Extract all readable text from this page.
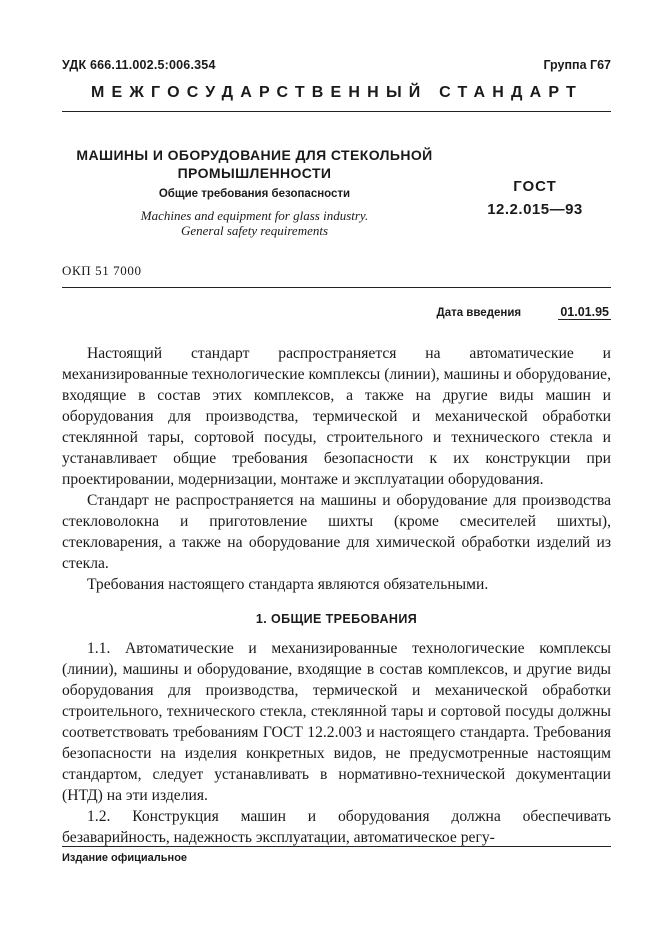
УДК 666.11.002.5:006.354	Группа Г67
МЕЖГОСУДАРСТВЕННЫЙ СТАНДАРТ
МАШИНЫ И ОБОРУДОВАНИЕ ДЛЯ СТЕКОЛЬНОЙ ПРОМЫШЛЕННОСТИ
Общие требования безопасности
Machines and equipment for glass industry.
General safety requirements
ГОСТ
12.2.015—93
ОКП 51 7000
Дата введения	01.01.95

Настоящий стандарт распространяется на автоматические и механизированные технологические комплексы (линии), машины и оборудование, входящие в состав этих комплексов, а также на другие виды машин и оборудования для производства, термической и механической обработки стеклянной тары, сортовой посуды, строительного и технического стекла и устанавливает общие требования безопасности к их конструкции при проектировании, модернизации, монтаже и эксплуатации оборудования.

Стандарт не распространяется на машины и оборудование для производства стекловолокна и приготовление шихты (кроме смесителей шихты), стекловарения, а также на оборудование для химической обработки изделий из стекла.

Требования настоящего стандарта являются обязательными.

1. ОБЩИЕ ТРЕБОВАНИЯ

1.1. Автоматические и механизированные технологические комплексы (линии), машины и оборудование, входящие в состав комплексов, и другие виды оборудования для производства, термической и механической обработки строительного, технического стекла, стеклянной тары и сортовой посуды должны соответствовать требованиям ГОСТ 12.2.003 и настоящего стандарта. Требования безопасности на изделия конкретных видов, не предусмотренные настоящим стандартом, следует устанавливать в нормативно-технической документации (НТД) на эти изделия.

1.2. Конструкция машин и оборудования должна обеспечивать безаварийность, надежность эксплуатации, автоматическое регу-

Издание официальное
